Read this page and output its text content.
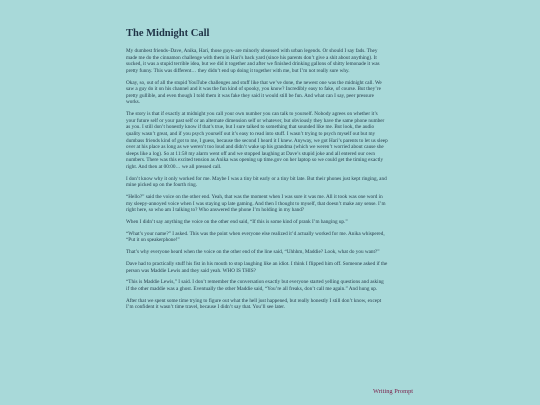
The Midnight Call

My dumbest friends–Dave, Anika, Hari, those guys–are minorly obsessed with urban legends. Or should I say fads. They made me do the cinnamon challenge with them in Hari’s back yard (since his parents don’t give a shit about anything). It sucked, it was a stupid terrible idea, but we did it together and after we finished drinking gallons of shitty lemonade it was pretty funny. This was different… they didn’t end up doing it together with me, but I’m not really sure why.

Okay, so, out of all the stupid YouTube challenges and stuff like that we’ve done, the newest one was the midnight call. We saw a guy do it on his channel and it was the fun kind of spooky, you know? Incredibly easy to fake, of course. But they’re pretty gullible, and even though I told them it was fake they said it would still be fun. And what can I say, peer pressure works.

The story is that if exactly at midnight you call your own number you can talk to yourself. Nobody agrees on whether it’s your future self or your past self or an alternate dimension self or whatever, but obviously they have the same phone number as you. I still don’t honestly know if that’s true, but I sure talked to something that sounded like me. But look, the audio quality wasn’t great, and if you psych yourself out it’s easy to read into stuff. I wasn’t trying to psych myself out but my dumbass friends kind of got to me, I guess, because the second I heard it I knew. Anyway, we got Hari’s parents to let us sleep over at his place as long as we weren’t too loud and didn’t wake up his grandma (which we weren’t worried about cause she sleeps like a log). So at 11:58 my alarm went off and we stopped laughing at Dave’s stupid joke and all entered our own numbers. There was this excited tension as Anika was opening up time.gov on her laptop so we could get the timing exactly right. And then at 00:00… we all pressed call.

I don’t know why it only worked for me. Maybe I was a tiny bit early or a tiny bit late. But their phones just kept ringing, and mine picked up on the fourth ring.

“Hello?” said the voice on the other end. Yeah, that was the moment when I was sure it was me. All it took was one word in my sleepy-annoyed voice when I was staying up late gaming. And then I thought to myself, that doesn’t make any sense. I’m right here, so who am I talking to? Who answered the phone I’m holding in my hand?

When I didn’t say anything the voice on the other end said, “If this is some kind of prank I’m hanging up.”

“What’s your name?” I asked. This was the point when everyone else realized it’d actually worked for me. Anika whispered, “Put it on speakerphone!”

That’s why everyone heard when the voice on the other end of the line said, “Uhhhm, Maddie? Look, what do you want?”

Dave had to practically stuff his fist in his mouth to stop laughing like an idiot. I think I flipped him off. Someone asked if the person was Maddie Lewis and they said yeah. WHO IS THIS?

“This is Maddie Lewis,” I said. I don’t remember the conversation exactly but everyone started yelling questions and asking if the other maddie was a ghost. Eventually the other Maddie said, “You’re all freaks, don’t call me again.” And hung up.

After that we spent some time trying to figure out what the hell just happened, but really honestly I still don’t know, except I’m confident it wasn’t time travel, because I didn’t say that. You’ll see later.

Writing Prompt
